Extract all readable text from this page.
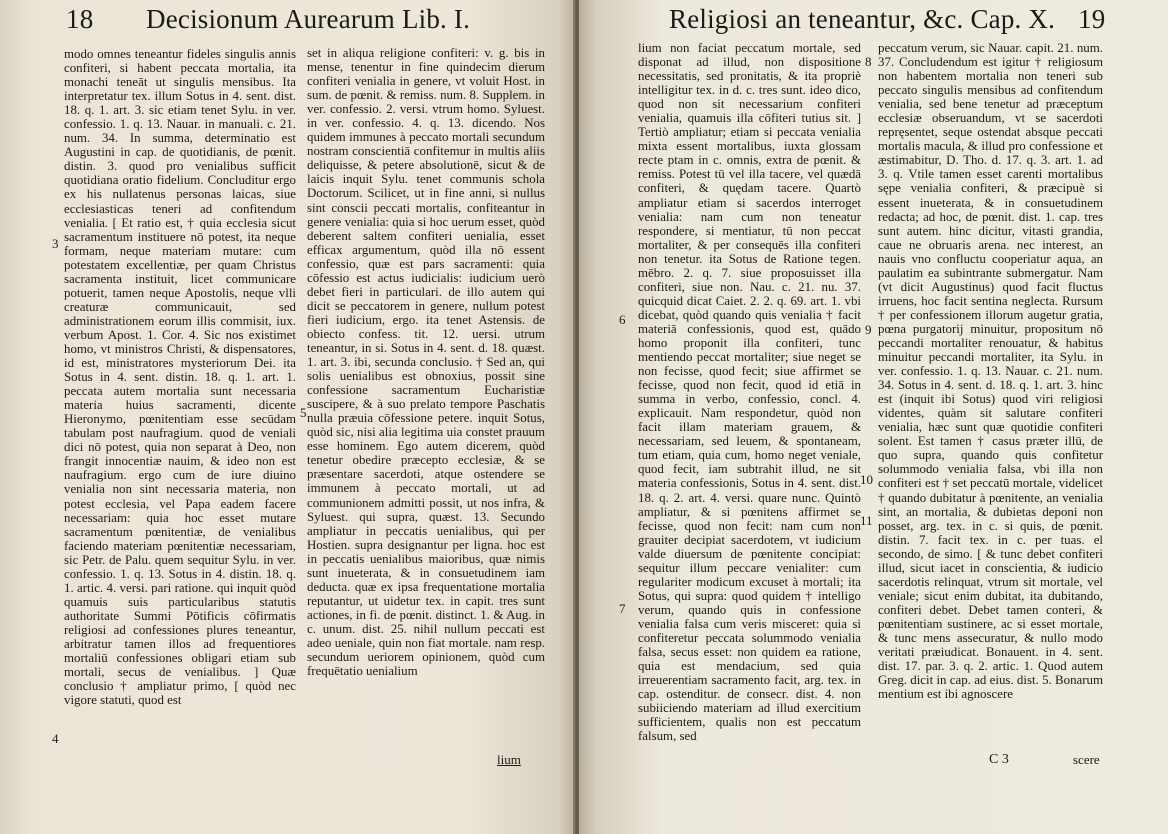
18 Decisionum Aurearum Lib. I.

modo omnes teneantur fideles singulis annis confiteri, si habent peccata mortalia, ita monachi teneāt ut singulis mensibus. Ita interpretatur tex. illum Sotus in 4. sent. dist. 18. q. 1. art. 3. sic etiam tenet Sylu. in ver. confessio. 1. q. 13. Nauar. in manuali. c. 21. num. 34. In summa, determinatio est Augustini in cap. de quotidianis, de pœnit. distin. 3. quod pro venialibus sufficit quotidiana oratio fidelium. Concluditur ergo ex his nullatenus personas laicas, siue ecclesiasticas teneri ad confitendum venialia. [ Et ratio est, † quia ecclesia sicut sacramentum instituere nō potest, ita neque formam, neque materiam mutare: cum potestatem excellentiæ, per quam Christus sacramenta instituit, licet communicare potuerit, tamen neque Apostolis, neque vlli creaturæ communicauit, sed administrationem eorum illis commisit, iux. verbum Apost. 1. Cor. 4. Sic nos existimet homo, vt ministros Christi, & dispensatores, id est, ministratores mysteriorum Dei. ita Sotus in 4. sent. distin. 18. q. 1. art. 1. peccata autem mortalia sunt necessaria materia huius sacramenti, dicente Hieronymo, pœnitentiam esse secūdam tabulam post naufragium. quod de veniali dici nō potest, quia non separat à Deo, non frangit innocentiæ nauim, & ideo non est naufragium. ergo cum de iure diuino venialia non sint necessaria materia, non potest ecclesia, vel Papa eadem facere necessariam: quia hoc esset mutare sacramentum pœnitentiæ, de venialibus faciendo materiam pœnitentiæ necessariam, sic Petr. de Palu. quem sequitur Sylu. in ver. confessio. 1. q. 13. Sotus in 4. distin. 18. q. 1. artic. 4. versi. pari ratione. qui inquit quòd quamuis suis particularibus statutis authoritate Summi Pōtificis cōfirmatis religiosi ad confessiones plures teneantur, arbitratur tamen illos ad frequentiores mortaliū confessiones obligari etiam sub mortali, secus de venialibus. ] Quæ conclusio † ampliatur primo, [ quòd nec vigore statuti, quod est

set in aliqua religione confiteri: v. g. bis in mense, tenentur in fine quindecim dierum confiteri venialia in genere, vt voluit Host. in sum. de pœnit. & remiss. num. 8. Supplem. in ver. confessio. 2. versi. vtrum homo. Syluest. in ver. confessio. 4. q. 13. dicendo. Nos quidem immunes à peccato mortali secundum nostram conscientiā confitemur in multis aliis deliquisse, & petere absolutionē, sicut & de laicis inquit Sylu. tenet communis schola Doctorum. Scilicet, ut in fine anni, si nullus sint conscii peccati mortalis, confiteantur in genere venialia: quia si hoc uerum esset, quòd deberent saltem confiteri uenialia, esset efficax argumentum, quòd illa nō essent confessio, quæ est pars sacramenti: quia cōfessio est actus iudicialis: iudicium uerò debet fieri in particulari. de illo autem qui dicit se peccatorem in genere, nullum potest fieri iudicium, ergo. ita tenet Astensis. de obiecto confess. tit. 12. uersi. utrum teneantur, in si. Sotus in 4. sent. d. 18. quæst. 1. art. 3. ibi, secunda conclusio. † Sed an, qui solis uenialibus est obnoxius, possit sine confessione sacramentum Eucharistiæ suscipere, & à suo prelato tempore Paschatis nulla præuia cōfessione petere. inquit Sotus, quòd sic, nisi alia legitima uia constet prauum esse hominem. Ego autem dicerem, quòd tenetur obedire præcepto ecclesiæ, & se præsentare sacerdoti, atque ostendere se immunem à peccato mortali, ut ad communionem admitti possit, ut nos infra, & Syluest. qui supra, quæst. 13. Secundo ampliatur in peccatis uenialibus, qui per Hostien. supra designantur per ligna. hoc est in peccatis uenialibus maioribus, quæ nimis sunt inueterata, & in consuetudinem iam deducta. quæ ex ipsa frequentatione mortalia reputantur, ut uidetur tex. in capit. tres sunt actiones, in fi. de pœnit. distinct. 1. & Aug. in c. unum. dist. 25. nihil nullum peccati est adeo ueniale, quin non fiat mortale. nam resp. secundum ueriorem opinionem, quòd cum frequētatio uenialium

3
4
5
lium
Religiosi an teneantur, &c. Cap. X. 19

lium non faciat peccatum mortale, sed disponat ad illud, non dispositione necessitatis, sed pronitatis, & ita propriè intelligitur tex. in d. c. tres sunt. ideo dico, quod non sit necessarium confiteri venialia, quamuis illa cōfiteri tutius sit. ] Tertiò ampliatur; etiam si peccata venialia mixta essent mortalibus, iuxta glossam recte ptam in c. omnis, extra de pœnit. & remiss. Potest tū vel illa tacere, vel quædā confiteri, & quędam tacere. Quartò ampliatur etiam si sacerdos interroget venialia: nam cum non teneatur respondere, si mentiatur, tū non peccat mortaliter, & per consequēs illa confiteri non tenetur. ita Sotus de Ratione tegen. mēbro. 2. q. 7. siue proposuisset illa confiteri, siue non. Nau. c. 21. nu. 37. quicquid dicat Caiet. 2. 2. q. 69. art. 1. vbi dicebat, quòd quando quis venialia † facit materiā confessionis, quod est, quādo homo proponit illa confiteri, tunc mentiendo peccat mortaliter; siue neget se non fecisse, quod fecit; siue affirmet se fecisse, quod non fecit, quod id etiā in summa in verbo, confessio, concl. 4. explicauit. Nam respondetur, quòd non facit illam materiam grauem, & necessariam, sed leuem, & spontaneam, tum etiam, quia cum, homo neget veniale, quod fecit, iam subtrahit illud, ne sit materia confessionis, Sotus in 4. sent. dist. 18. q. 2. art. 4. versi. quare nunc. Quintò ampliatur, & si pœnitens affirmet se fecisse, quod non fecit: nam cum non grauiter decipiat sacerdotem, vt iudicium valde diuersum de pœnitente concipiat: sequitur illum peccare venialiter: cum regulariter modicum excuset à mortali; ita Sotus, qui supra: quod quidem † intelligo verum, quando quis in confessione venialia falsa cum veris misceret: quia si confiteretur peccata solummodo venialia falsa, secus esset: non quidem ea ratione, quia est mendacium, sed quia irreuerentiam sacramento facit, arg. tex. in cap. ostenditur. de consecr. dist. 4. non subiiciendo materiam ad illud exercitium sufficientem, qualis non est peccatum falsum, sed

peccatum verum, sic Nauar. capit. 21. num. 37. Concludendum est igitur † religiosum non habentem mortalia non teneri sub peccato singulis mensibus ad confitendum venialia, sed bene tenetur ad præceptum ecclesiæ obseruandum, vt se sacerdoti repręsentet, seque ostendat absque peccati mortalis macula, & illud pro confessione et æstimabitur, D. Tho. d. 17. q. 3. art. 1. ad 3. q. Vtile tamen esset carenti mortalibus sępe venialia confiteri, & præcipuè si essent inueterata, & in consuetudinem redacta; ad hoc, de pœnit. dist. 1. cap. tres sunt autem. hinc dicitur, vitasti grandia, caue ne obruaris arena. nec interest, an nauis vno confluctu cooperiatur aqua, an paulatim ea subintrante submergatur. Nam (vt dicit Augustinus) quod facit fluctus irruens, hoc facit sentina neglecta. Rursum † per confessionem illorum augetur gratia, pœna purgatorij minuitur, propositum nō peccandi mortaliter renouatur, & habitus minuitur peccandi mortaliter, ita Sylu. in ver. confessio. 1. q. 13. Nauar. c. 21. num. 34. Sotus in 4. sent. d. 18. q. 1. art. 3. hinc est (inquit ibi Sotus) quod viri religiosi videntes, quàm sit salutare confiteri venialia, hæc sunt quæ quotidie confiteri solent. Est tamen † casus præter illū, de quo supra, quando quis confitetur solummodo venialia falsa, vbi illa non confiteri est † set peccatū mortale, videlicet † quando dubitatur à pœnitente, an venialia sint, an mortalia, & dubietas deponi non posset, arg. tex. in c. si quis, de pœnit. distin. 7. facit tex. in c. per tuas. el secondo, de simo. [ & tunc debet confiteri illud, sicut iacet in conscientia, & iudicio sacerdotis relinquat, vtrum sit mortale, vel veniale; sicut enim dubitat, ita dubitando, confiteri debet. Debet tamen conteri, & pœnitentiam sustinere, ac si esset mortale, & tunc mens assecuratur, & nullo modo veritati præiudicat. Bonauent. in 4. sent. dist. 17. par. 3. q. 2. artic. 1. Quod autem Greg. dicit in cap. ad eius. dist. 5. Bonarum mentium est ibi agnoscere

6
7
8
9
10
11
C 3	scere
